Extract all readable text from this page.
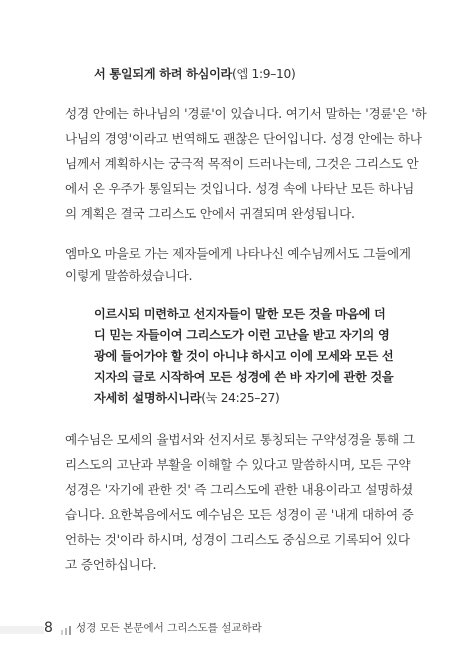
서 통일되게 하려 하심이라(엡 1:9–10)
성경 안에는 하나님의 '경륜'이 있습니다. 여기서 말하는 '경륜'은 '하
나님의 경영'이라고 번역해도 괜찮은 단어입니다. 성경 안에는 하나
님께서 계획하시는 궁극적 목적이 드러나는데, 그것은 그리스도 안
에서 온 우주가 통일되는 것입니다. 성경 속에 나타난 모든 하나님
의 계획은 결국 그리스도 안에서 귀결되며 완성됩니다.
엠마오 마을로 가는 제자들에게 나타나신 예수님께서도 그들에게
이렇게 말씀하셨습니다.
이르시되 미련하고 선지자들이 말한 모든 것을 마음에 더
디 믿는 자들이여 그리스도가 이런 고난을 받고 자기의 영
광에 들어가야 할 것이 아니냐 하시고 이에 모세와 모든 선
지자의 글로 시작하여 모든 성경에 쓴 바 자기에 관한 것을
자세히 설명하시니라(눅 24:25–27)
예수님은 모세의 율법서와 선지서로 통칭되는 구약성경을 통해 그
리스도의 고난과 부활을 이해할 수 있다고 말씀하시며, 모든 구약
성경은 '자기에 관한 것' 즉 그리스도에 관한 내용이라고 설명하셨
습니다. 요한복음에서도 예수님은 모든 성경이 곧 '내게 대하여 증
언하는 것'이라 하시며, 성경이 그리스도 중심으로 기록되어 있다
고 증언하십니다.
8 성경 모든 본문에서 그리스도를 설교하라
